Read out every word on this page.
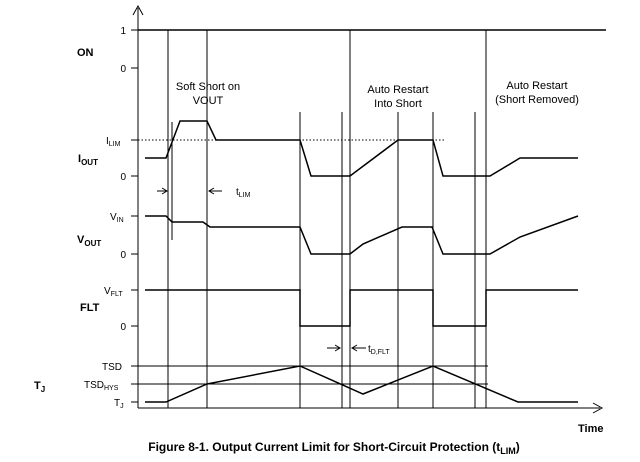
ON
$I_{OUT}$
$V_{OUT}$
FLT
$T_J$
1
0
$I_{LIM}$
0
$V_{IN}$
0
$V_{FLT}$
0
TSD
$TSD_{HYS}$
$T_J$
Soft Short on
VOUT
Auto Restart
Into Short
Auto Restart
(Short Removed)
$t_{LIM}$
$t_{D,FLT}$
Time
Figure 8-1. Output Current Limit for Short-Circuit Protection $(t_{LIM})$
